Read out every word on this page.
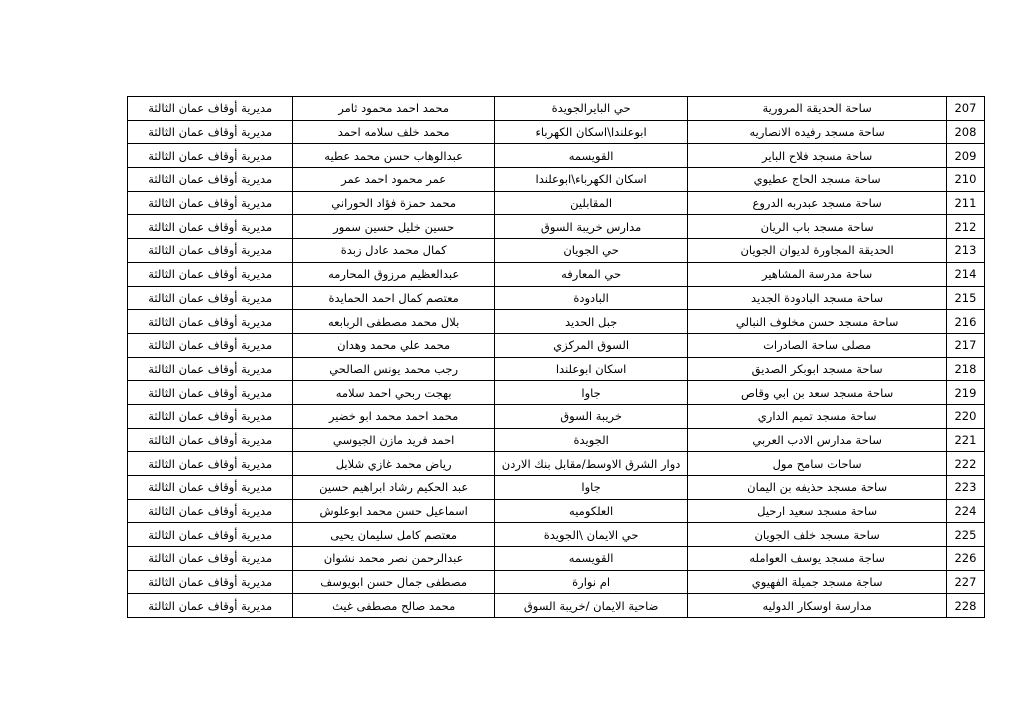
207	ساحة الحديقة المرورية	حي البايرالجويدة	محمد احمد محمود ثامر	مديرية أوقاف عمان الثالثة
208	ساحة مسجد رفيده الانصاريه	ابوعلندا\اسكان الكهرباء	محمد خلف سلامه احمد	مديرية أوقاف عمان الثالثة
209	ساحة مسجد فلاح الباير	القويسمه	عبدالوهاب حسن محمد عطيه	مديرية أوقاف عمان الثالثة
210	ساحة مسجد الحاج عطيوي	اسكان الكهرباء\ابوعلندا	عمر محمود احمد عمر	مديرية أوقاف عمان الثالثة
211	ساحة مسجد عبدربه الدروع	المقابلين	محمد حمزة فؤاد الحوراني	مديرية أوقاف عمان الثالثة
212	ساحة مسجد باب الريان	مدارس خريبة السوق	حسين خليل حسين سمور	مديرية أوقاف عمان الثالثة
213	الحديقة المجاورة لديوان الجويان	حي الجويان	كمال محمد عادل زبدة	مديرية أوقاف عمان الثالثة
214	ساحة مدرسة المشاهير	حي المعارفه	عبدالعظيم مرزوق المحارمه	مديرية أوقاف عمان الثالثة
215	ساحة مسجد البادودة الجديد	البادودة	معتصم كمال احمد الحمايدة	مديرية أوقاف عمان الثالثة
216	ساحة مسجد حسن مخلوف النبالي	جبل الحديد	بلال محمد مصطفى الربابعه	مديرية أوقاف عمان الثالثة
217	مصلى ساحة الصادرات	السوق المركزي	محمد علي محمد وهدان	مديرية أوقاف عمان الثالثة
218	ساحة مسجد ابوبكر الصديق	اسكان ابوعلندا	رجب محمد يونس الصالحي	مديرية أوقاف عمان الثالثة
219	ساحة مسجد سعد بن ابي وقاص	جاوا	بهجت ربحي احمد سلامه	مديرية أوقاف عمان الثالثة
220	ساحة مسجد تميم الداري	خريبة السوق	محمد احمد محمد ابو خضير	مديرية أوقاف عمان الثالثة
221	ساحة مدارس الادب العربي	الجويدة	احمد فريد مازن الجيوسي	مديرية أوقاف عمان الثالثة
222	ساحات سامح مول	دوار الشرق الاوسط/مقابل بنك الاردن	رياض محمد غازي شلايل	مديرية أوقاف عمان الثالثة
223	ساحة مسجد حذيفه بن اليمان	جاوا	عبد الحكيم رشاد ابراهيم حسين	مديرية أوقاف عمان الثالثة
224	ساحة مسجد سعيد ارحيل	العلكوميه	اسماعيل حسن محمد ابوعلوش	مديرية أوقاف عمان الثالثة
225	ساحة مسجد خلف الجويان	حي الايمان \الجويدة	معتصم كامل سليمان يحيى	مديرية أوقاف عمان الثالثة
226	ساجة مسجد يوسف العوامله	القويسمه	عبدالرحمن نصر محمد نشوان	مديرية أوقاف عمان الثالثة
227	ساجة مسجد جميلة الفهيوي	ام نوارة	مصطفى جمال حسن ابويوسف	مديرية أوقاف عمان الثالثة
228	مدارسة اوسكار الدوليه	ضاحية الايمان /خريبة السوق	محمد صالح مصطفى غيث	مديرية أوقاف عمان الثالثة
